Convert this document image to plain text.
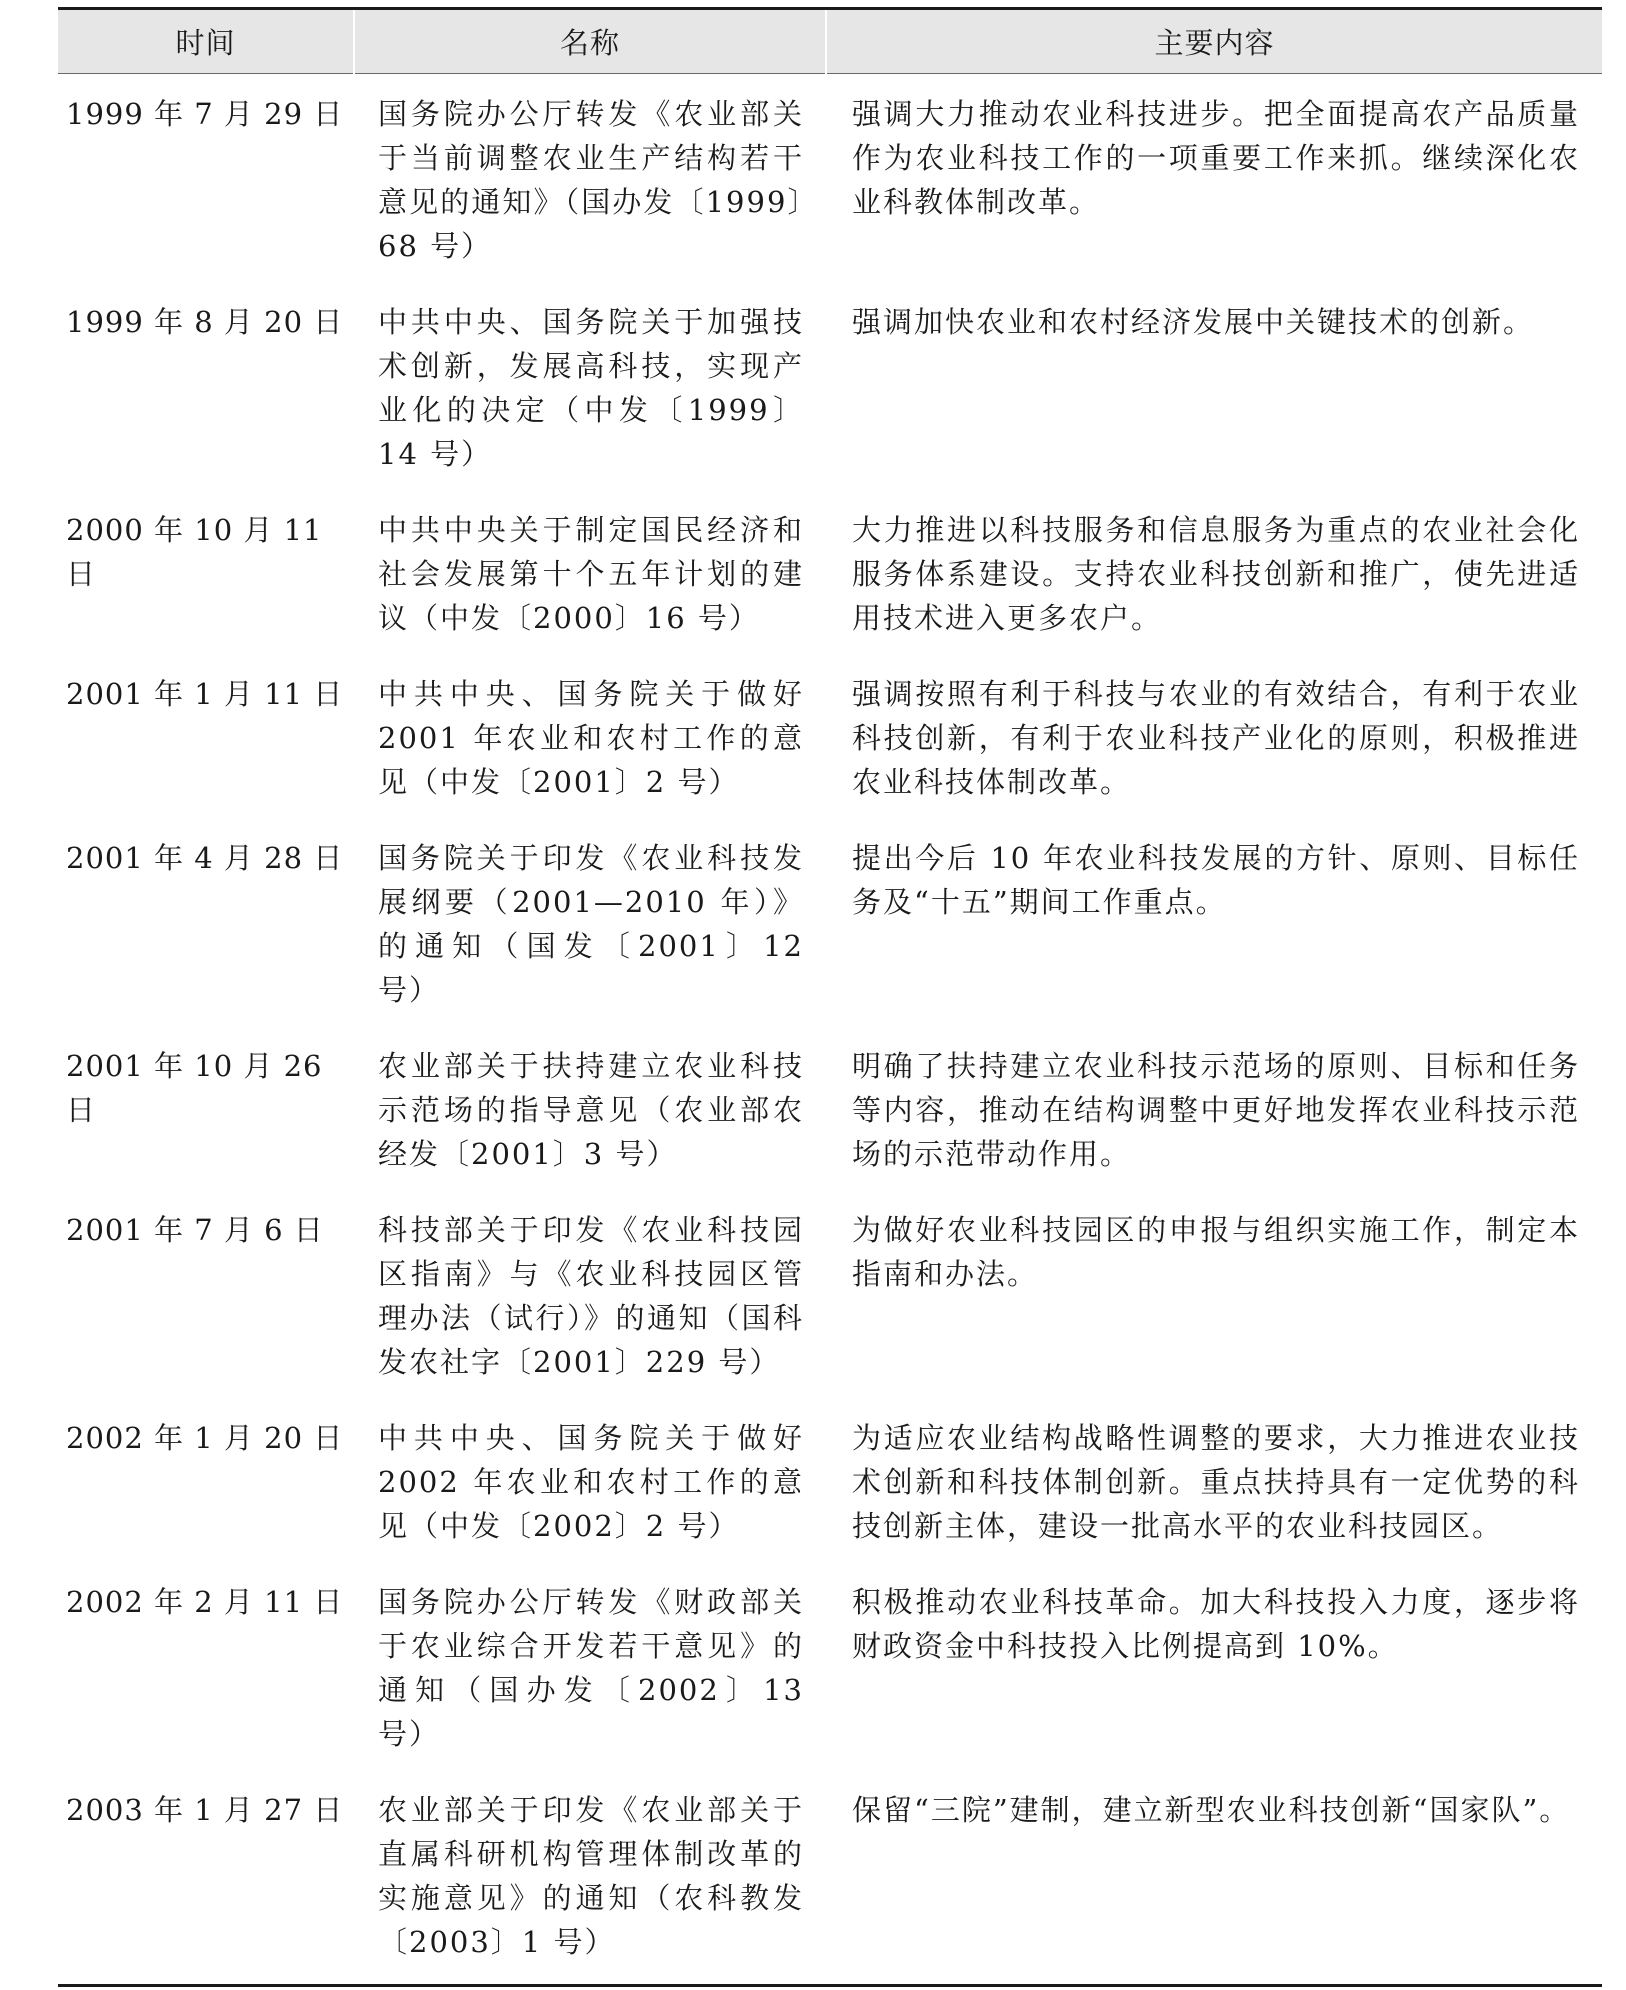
时间	名称	主要内容
1999 年 7 月 29 日	国务院办公厅转发《农业部关于当前调整农业生产结构若干意见的通知》（国办发〔1999〕68 号）	强调大力推动农业科技进步。把全面提高农产品质量作为农业科技工作的一项重要工作来抓。继续深化农业科教体制改革。
1999 年 8 月 20 日	中共中央、国务院关于加强技术创新，发展高科技，实现产业化的决定（中发〔1999〕14 号）	强调加快农业和农村经济发展中关键技术的创新。
2000 年 10 月 11 日	中共中央关于制定国民经济和社会发展第十个五年计划的建议（中发〔2000〕16 号）	大力推进以科技服务和信息服务为重点的农业社会化服务体系建设。支持农业科技创新和推广，使先进适用技术进入更多农户。
2001 年 1 月 11 日	中共中央、国务院关于做好 2001 年农业和农村工作的意见（中发〔2001〕2 号）	强调按照有利于科技与农业的有效结合，有利于农业科技创新，有利于农业科技产业化的原则，积极推进农业科技体制改革。
2001 年 4 月 28 日	国务院关于印发《农业科技发展纲要（2001—2010 年）》的通知（国发〔2001〕12 号）	提出今后 10 年农业科技发展的方针、原则、目标任务及“十五”期间工作重点。
2001 年 10 月 26 日	农业部关于扶持建立农业科技示范场的指导意见（农业部农经发〔2001〕3 号）	明确了扶持建立农业科技示范场的原则、目标和任务等内容，推动在结构调整中更好地发挥农业科技示范场的示范带动作用。
2001 年 7 月 6 日	科技部关于印发《农业科技园区指南》与《农业科技园区管理办法（试行）》的通知（国科发农社字〔2001〕229 号）	为做好农业科技园区的申报与组织实施工作，制定本指南和办法。
2002 年 1 月 20 日	中共中央、国务院关于做好 2002 年农业和农村工作的意见（中发〔2002〕2 号）	为适应农业结构战略性调整的要求，大力推进农业技术创新和科技体制创新。重点扶持具有一定优势的科技创新主体，建设一批高水平的农业科技园区。
2002 年 2 月 11 日	国务院办公厅转发《财政部关于农业综合开发若干意见》的通知（国办发〔2002〕13 号）	积极推动农业科技革命。加大科技投入力度，逐步将财政资金中科技投入比例提高到 10%。
2003 年 1 月 27 日	农业部关于印发《农业部关于直属科研机构管理体制改革的实施意见》的通知（农科教发〔2003〕1 号）	保留“三院”建制，建立新型农业科技创新“国家队”。
